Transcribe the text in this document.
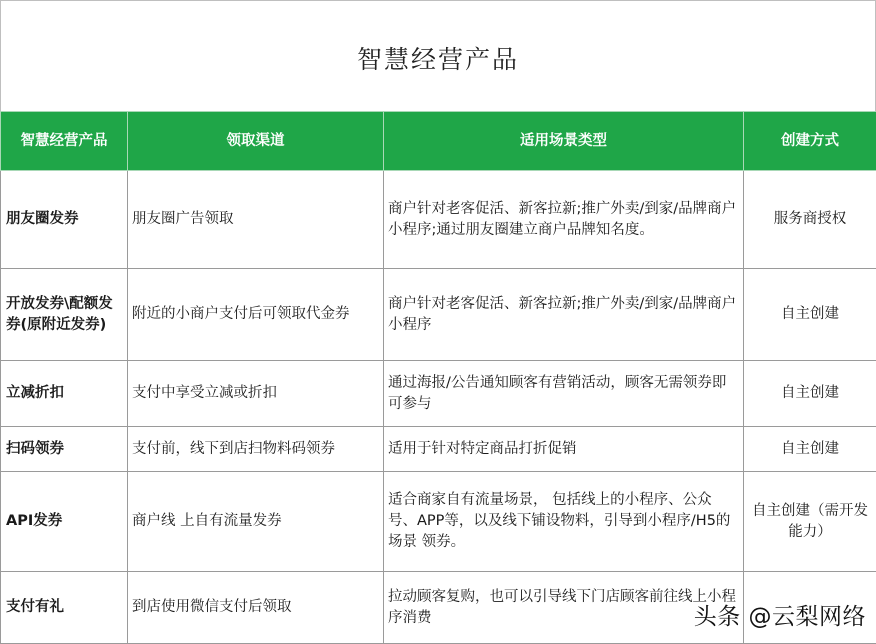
智慧经营产品
智慧经营产品	领取渠道	适用场景类型	创建方式
朋友圈发券	朋友圈广告领取	商户针对老客促活、新客拉新;推广外卖/到家/品牌商户小程序;通过朋友圈建立商户品牌知名度。	服务商授权
开放发券\配额发券(原附近发券)	附近的小商户支付后可领取代金券	商户针对老客促活、新客拉新;推广外卖/到家/品牌商户小程序	自主创建
立减折扣	支付中享受立减或折扣	通过海报/公告通知顾客有营销活动，顾客无需领券即可参与	自主创建
扫码领券	支付前，线下到店扫物料码领券	适用于针对特定商品打折促销	自主创建
API发券	商户线 上自有流量发券	适合商家自有流量场景， 包括线上的小程序、公众号、APP等，以及线下铺设物料，引导到小程序/H5的场景 领券。	自主创建（需开发能力）
支付有礼	到店使用微信支付后领取	拉动顾客复购，也可以引导线下门店顾客前往线上小程序消费		头条 @云梨网络
